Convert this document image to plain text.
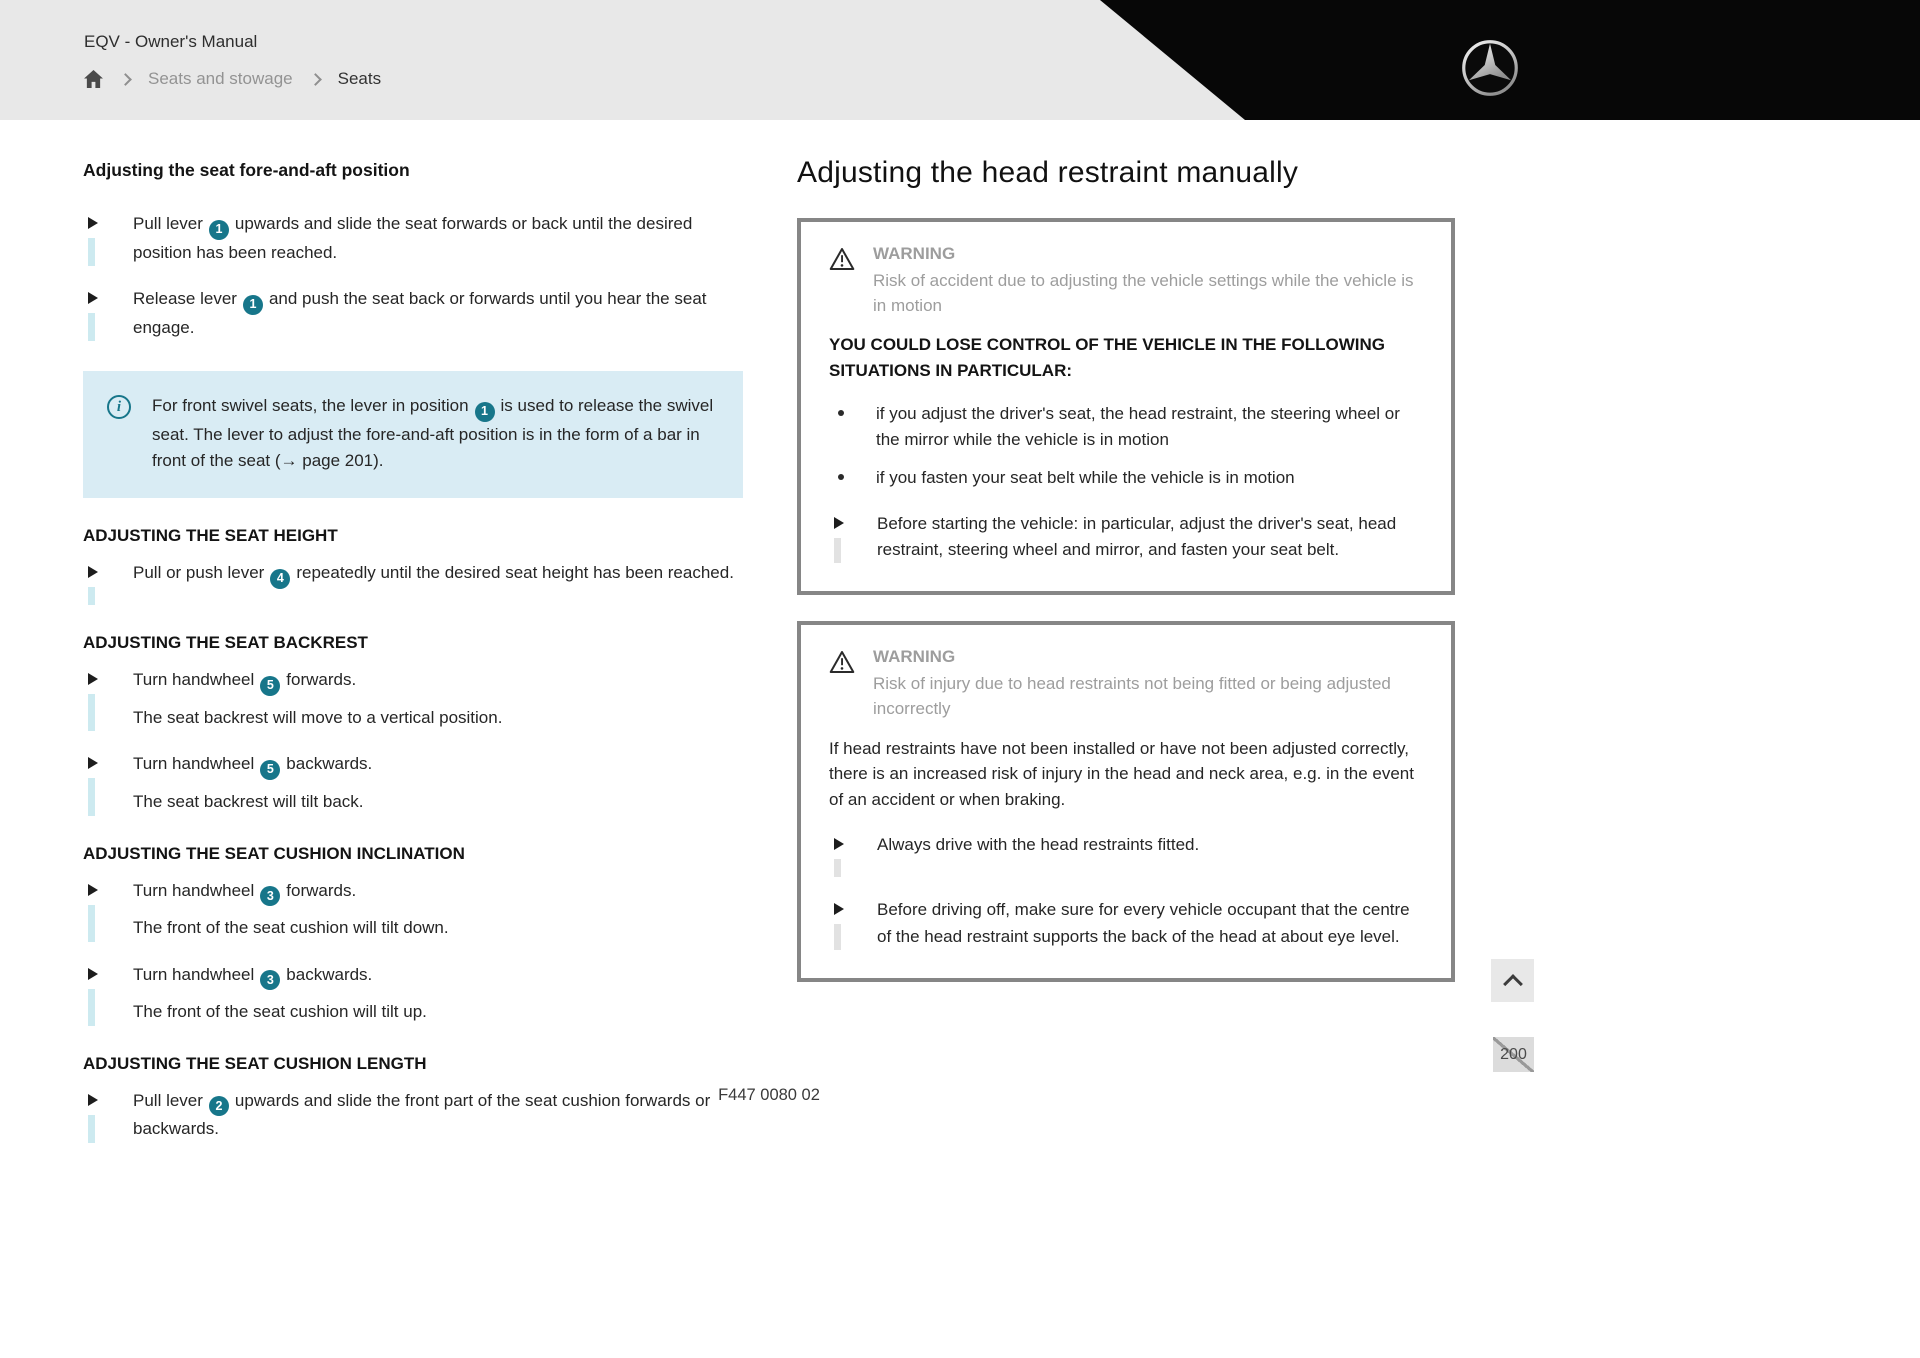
EQV - Owner's Manual
Seats and stowage	Seats
Adjusting the seat fore-and-aft position
Pull lever 1 upwards and slide the seat forwards or back until the desired position has been reached.
Release lever 1 and push the seat back or forwards until you hear the seat engage.
i	For front swivel seats, the lever in position 1 is used to release the swivel seat. The lever to adjust the fore-and-aft position is in the form of a bar in front of the seat (→ page 201).
ADJUSTING THE SEAT HEIGHT
Pull or push lever 4 repeatedly until the desired seat height has been reached.
ADJUSTING THE SEAT BACKREST
Turn handwheel 5 forwards.
The seat backrest will move to a vertical position.
Turn handwheel 5 backwards.
The seat backrest will tilt back.
ADJUSTING THE SEAT CUSHION INCLINATION
Turn handwheel 3 forwards.
The front of the seat cushion will tilt down.
Turn handwheel 3 backwards.
The front of the seat cushion will tilt up.
ADJUSTING THE SEAT CUSHION LENGTH
Pull lever 2 upwards and slide the front part of the seat cushion forwards or backwards.
Adjusting the head restraint manually
WARNING
Risk of accident due to adjusting the vehicle settings while the vehicle is in motion

YOU COULD LOSE CONTROL OF THE VEHICLE IN THE FOLLOWING SITUATIONS IN PARTICULAR:

if you adjust the driver's seat, the head restraint, the steering wheel or the mirror while the vehicle is in motion
if you fasten your seat belt while the vehicle is in motion
Before starting the vehicle: in particular, adjust the driver's seat, head restraint, steering wheel and mirror, and fasten your seat belt.
WARNING
Risk of injury due to head restraints not being fitted or being adjusted incorrectly

If head restraints have not been installed or have not been adjusted correctly, there is an increased risk of injury in the head and neck area, e.g. in the event of an accident or when braking.

Always drive with the head restraints fitted.
Before driving off, make sure for every vehicle occupant that the centre of the head restraint supports the back of the head at about eye level.
200
F447 0080 02
